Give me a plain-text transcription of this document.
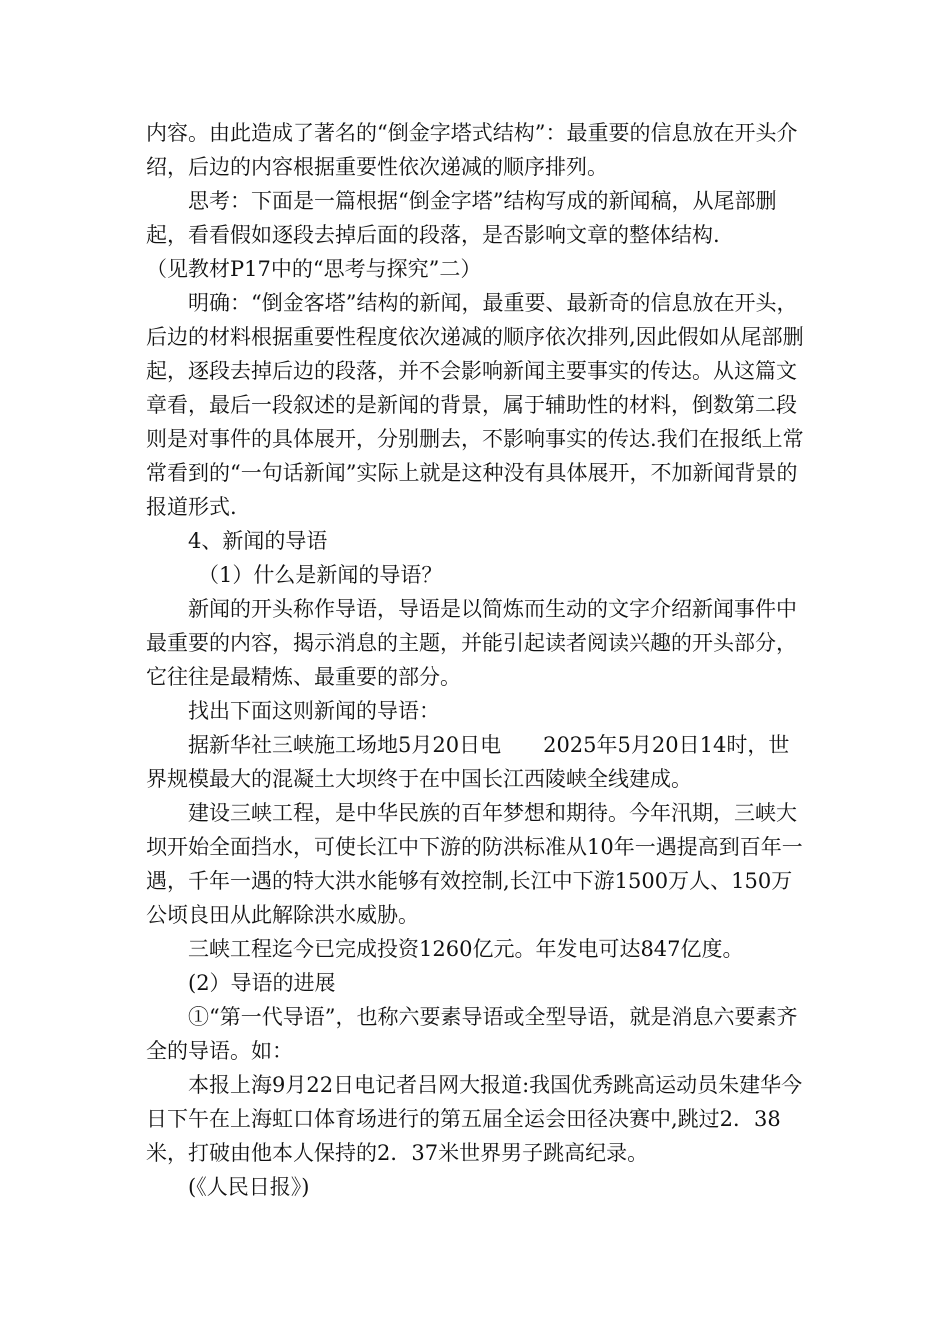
内容。由此造成了著名的“倒金字塔式结构”：最重要的信息放在开头介绍，后边的内容根据重要性依次递减的顺序排列。

思考：下面是一篇根据“倒金字塔”结构写成的新闻稿，从尾部删起，看看假如逐段去掉后面的段落，是否影响文章的整体结构.

（见教材P17中的“思考与探究”二）

明确：“倒金客塔”结构的新闻，最重要、最新奇的信息放在开头，后边的材料根据重要性程度依次递减的顺序依次排列,因此假如从尾部删起，逐段去掉后边的段落，并不会影响新闻主要事实的传达。从这篇文章看，最后一段叙述的是新闻的背景，属于辅助性的材料，倒数第二段则是对事件的具体展开，分别删去，不影响事实的传达.我们在报纸上常常看到的“一句话新闻”实际上就是这种没有具体展开，不加新闻背景的报道形式.

4、新闻的导语

（1）什么是新闻的导语？

新闻的开头称作导语，导语是以简炼而生动的文字介绍新闻事件中最重要的内容，揭示消息的主题，并能引起读者阅读兴趣的开头部分，它往往是最精炼、最重要的部分。

找出下面这则新闻的导语：

据新华社三峡施工场地5月20日电　　2025年5月20日14时，世界规模最大的混凝土大坝终于在中国长江西陵峡全线建成。

建设三峡工程，是中华民族的百年梦想和期待。今年汛期，三峡大坝开始全面挡水，可使长江中下游的防洪标准从10年一遇提高到百年一遇，千年一遇的特大洪水能够有效控制,长江中下游1500万人、150万公顷良田从此解除洪水威胁。

三峡工程迄今已完成投资1260亿元。年发电可达847亿度。

(2）导语的进展

①“第一代导语”，也称六要素导语或全型导语，就是消息六要素齐全的导语。如：

本报上海9月22日电记者吕网大报道:我国优秀跳高运动员朱建华今日下午在上海虹口体育场进行的第五届全运会田径决赛中,跳过2．38米，打破由他本人保持的2．37米世界男子跳高纪录。

(《人民日报》)
